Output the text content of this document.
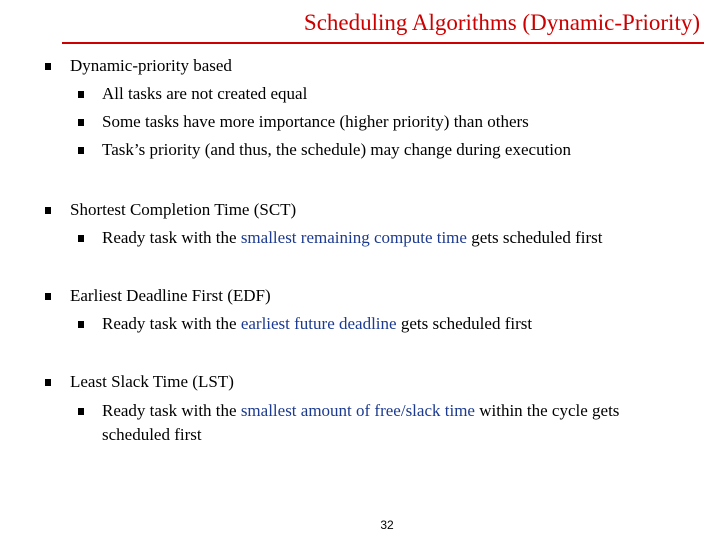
Scheduling Algorithms (Dynamic-Priority)
Dynamic-priority based
All tasks are not created equal
Some tasks have more importance (higher priority) than others
Task’s priority (and thus, the schedule) may change during execution
Shortest Completion Time (SCT)
Ready task with the smallest remaining compute time gets scheduled first
Earliest Deadline First (EDF)
Ready task with the earliest future deadline gets scheduled first
Least Slack Time (LST)
Ready task with the smallest amount of free/slack time within the cycle gets scheduled first
32
